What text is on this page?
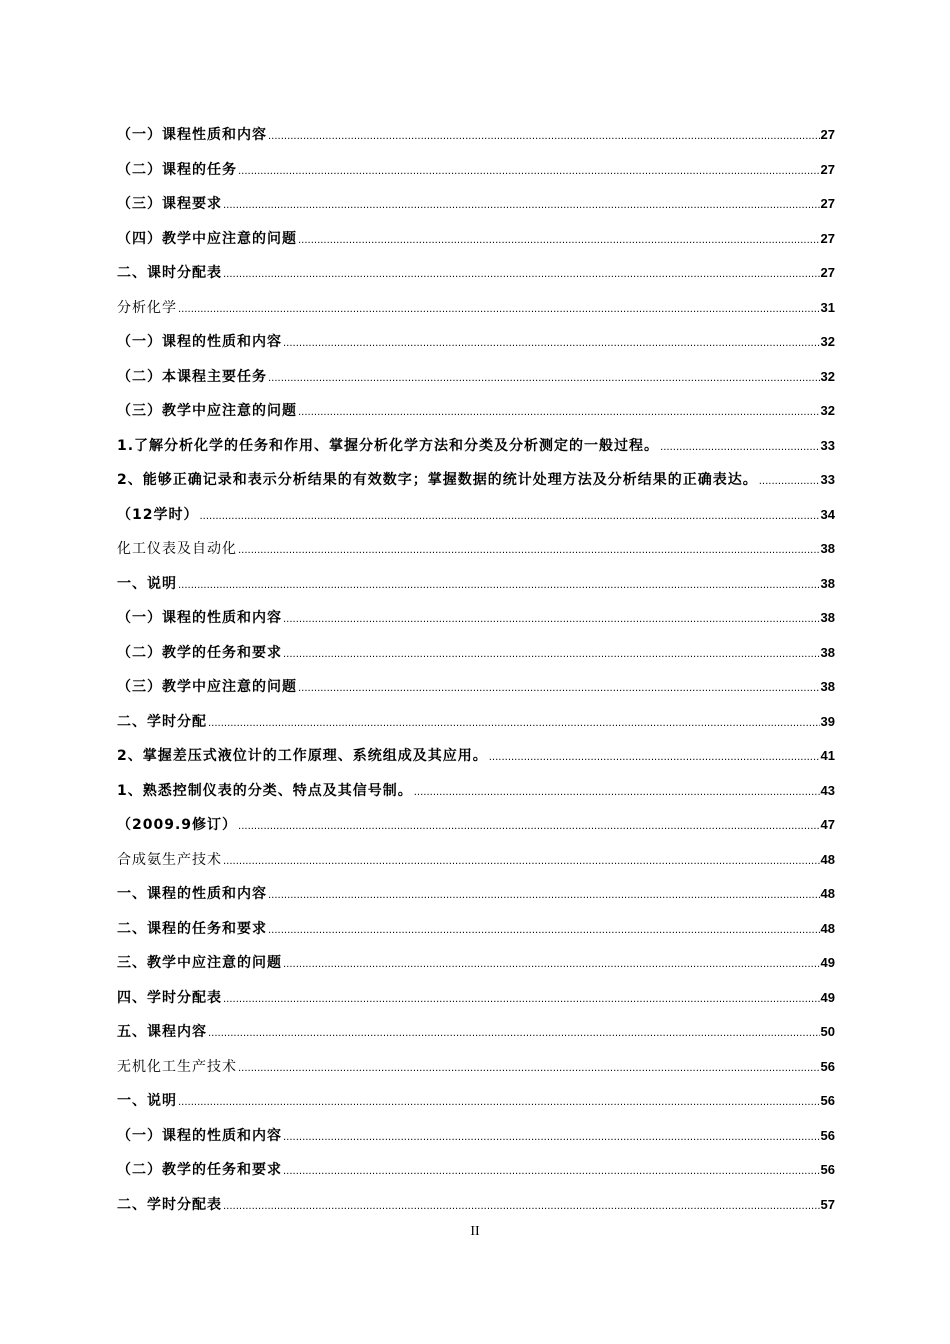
（一）课程性质和内容 .....	27
（二）课程的任务 .....	27
（三）课程要求 .....	27
（四）教学中应注意的问题 .....	27
二、课时分配表 .....	27
分析化学 .....	31
（一）课程的性质和内容 .....	32
（二）本课程主要任务 .....	32
（三）教学中应注意的问题 .....	32
1.了解分析化学的任务和作用、掌握分析化学方法和分类及分析测定的一般过程。 .....	33
2、能够正确记录和表示分析结果的有效数字；掌握数据的统计处理方法及分析结果的正确表达。 .....	33
（12学时） .....	34
化工仪表及自动化 .....	38
一、说明 .....	38
（一）课程的性质和内容 .....	38
（二）教学的任务和要求 .....	38
（三）教学中应注意的问题 .....	38
二、学时分配 .....	39
2、掌握差压式液位计的工作原理、系统组成及其应用。 .....	41
1、熟悉控制仪表的分类、特点及其信号制。 .....	43
（2009.9修订） .....	47
合成氨生产技术 .....	48
一、课程的性质和内容 .....	48
二、课程的任务和要求 .....	48
三、教学中应注意的问题 .....	49
四、学时分配表 .....	49
五、课程内容 .....	50
无机化工生产技术 .....	56
一、说明 .....	56
（一）课程的性质和内容 .....	56
（二）教学的任务和要求 .....	56
二、学时分配表 .....	57
II
